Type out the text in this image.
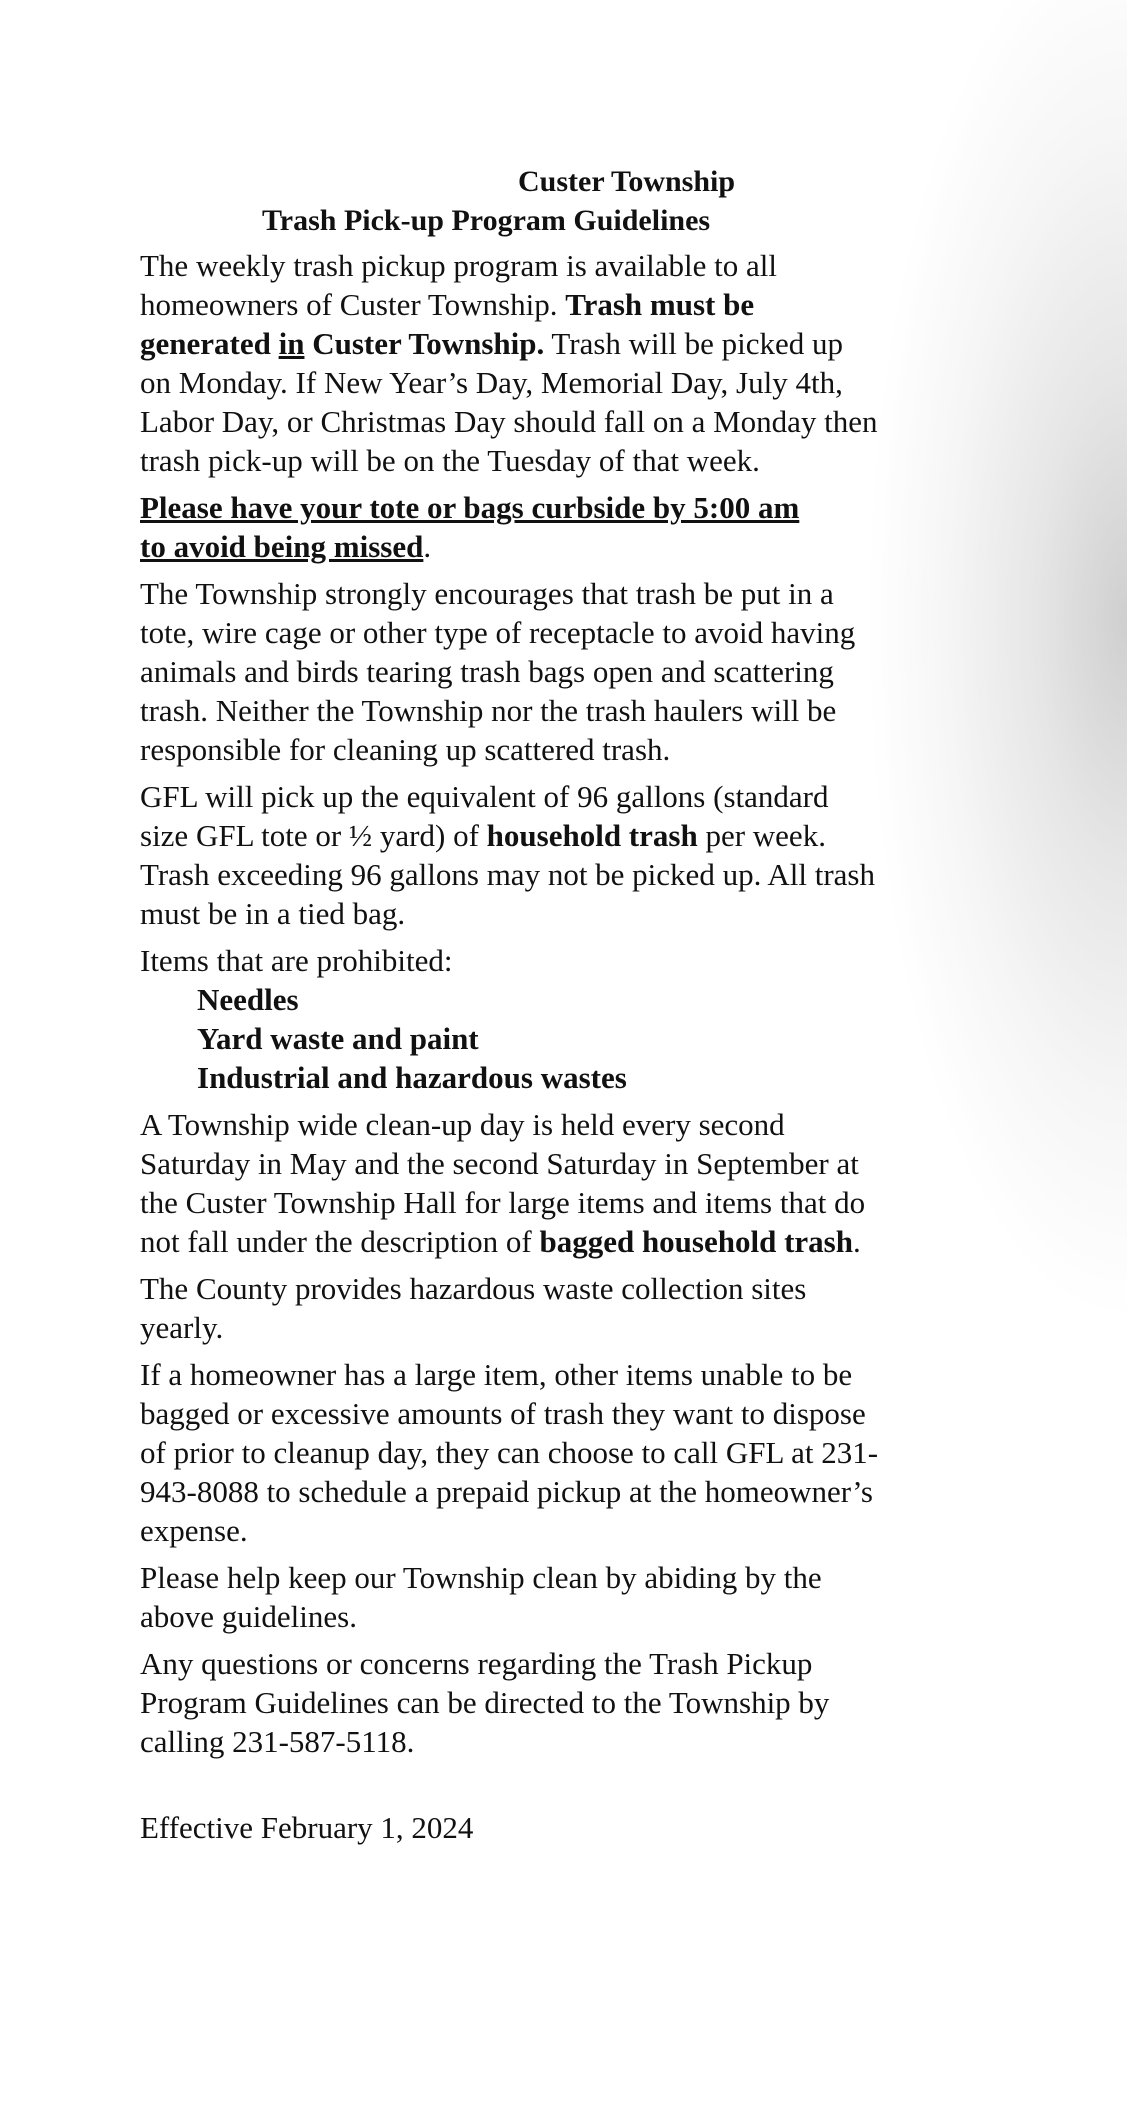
Custer Township
Trash Pick-up Program Guidelines

The weekly trash pickup program is available to all homeowners of Custer Township. Trash must be generated in Custer Township. Trash will be picked up on Monday. If New Year’s Day, Memorial Day, July 4th, Labor Day, or Christmas Day should fall on a Monday then trash pick-up will be on the Tuesday of that week.

Please have your tote or bags curbside by 5:00 am
to avoid being missed.

The Township strongly encourages that trash be put in a tote, wire cage or other type of receptacle to avoid having animals and birds tearing trash bags open and scattering trash. Neither the Township nor the trash haulers will be responsible for cleaning up scattered trash.

GFL will pick up the equivalent of 96 gallons (standard size GFL tote or ½ yard) of household trash per week. Trash exceeding 96 gallons may not be picked up. All trash must be in a tied bag.

Items that are prohibited:
Needles
Yard waste and paint
Industrial and hazardous wastes

A Township wide clean-up day is held every second Saturday in May and the second Saturday in September at the Custer Township Hall for large items and items that do not fall under the description of bagged household trash.

The County provides hazardous waste collection sites yearly.

If a homeowner has a large item, other items unable to be bagged or excessive amounts of trash they want to dispose of prior to cleanup day, they can choose to call GFL at 231-943-8088 to schedule a prepaid pickup at the homeowner’s expense.

Please help keep our Township clean by abiding by the above guidelines.

Any questions or concerns regarding the Trash Pickup Program Guidelines can be directed to the Township by calling 231-587-5118.

Effective February 1, 2024
